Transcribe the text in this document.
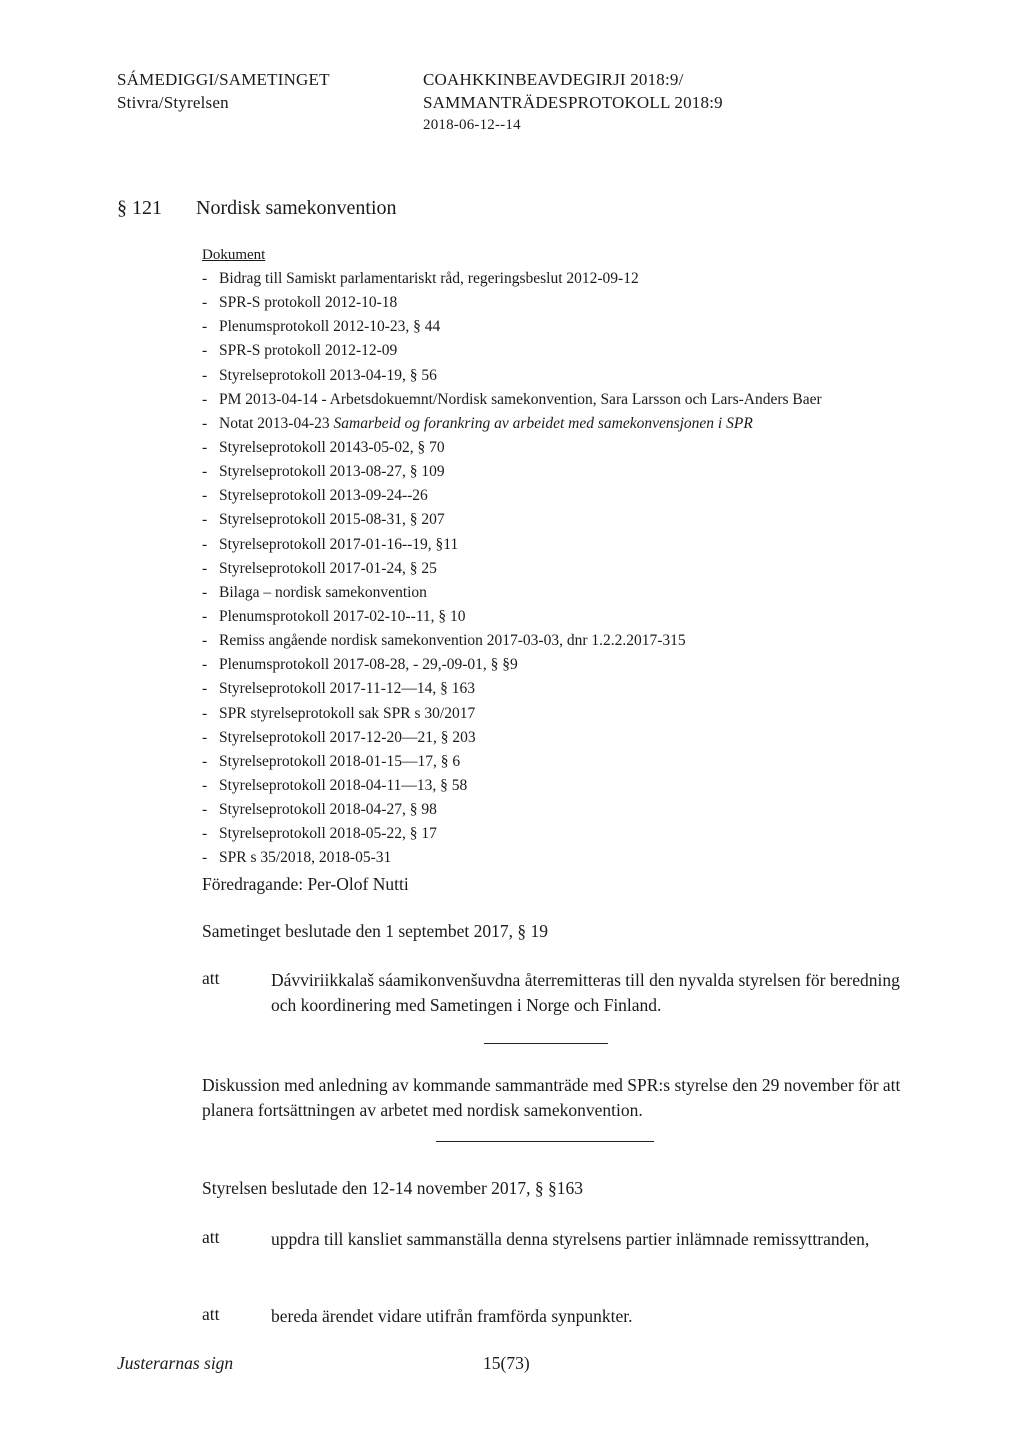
SÁMEDIGGI/SAMETINGET
Stivra/Styrelsen
COAHKKINBEAVDEGIRJI 2018:9/
SAMMANTRÄDESPROTOKOLL 2018:9
2018-06-12--14
§ 121 Nordisk samekonvention
Dokument
- Bidrag till Samiskt parlamentariskt råd, regeringsbeslut 2012-09-12
- SPR-S protokoll 2012-10-18
- Plenumsprotokoll 2012-10-23, § 44
- SPR-S protokoll 2012-12-09
- Styrelseprotokoll 2013-04-19, § 56
- PM 2013-04-14 - Arbetsdokuemnt/Nordisk samekonvention, Sara Larsson och Lars-Anders Baer
- Notat 2013-04-23 Samarbeid og forankring av arbeidet med samekonvensjonen i SPR
- Styrelseprotokoll 20143-05-02, § 70
- Styrelseprotokoll 2013-08-27, § 109
- Styrelseprotokoll 2013-09-24--26
- Styrelseprotokoll 2015-08-31, § 207
- Styrelseprotokoll 2017-01-16--19, §11
- Styrelseprotokoll 2017-01-24, § 25
- Bilaga – nordisk samekonvention
- Plenumsprotokoll 2017-02-10--11, § 10
- Remiss angående nordisk samekonvention 2017-03-03, dnr 1.2.2.2017-315
- Plenumsprotokoll 2017-08-28, - 29,-09-01, § §9
- Styrelseprotokoll 2017-11-12—14, § 163
- SPR styrelseprotokoll sak SPR s 30/2017
- Styrelseprotokoll 2017-12-20—21, § 203
- Styrelseprotokoll 2018-01-15—17, § 6
- Styrelseprotokoll 2018-04-11—13, § 58
- Styrelseprotokoll 2018-04-27, § 98
- Styrelseprotokoll 2018-05-22, § 17
- SPR s 35/2018, 2018-05-31
Föredragande: Per-Olof Nutti
Sametinget beslutade den 1 septembet 2017, § 19
att	Dávviriikkalaš sáamikonvenšuvdna återremitteras till den nyvalda styrelsen för beredning och koordinering med Sametingen i Norge och Finland.
Diskussion med anledning av kommande sammanträde med SPR:s styrelse den 29 november för att planera fortsättningen av arbetet med nordisk samekonvention.
Styrelsen beslutade den 12-14 november 2017, § §163
att	uppdra till kansliet sammanställa denna styrelsens partier inlämnade remissyttranden,
att	bereda ärendet vidare utifrån framförda synpunkter.
Justerarnas sign	15(73)
